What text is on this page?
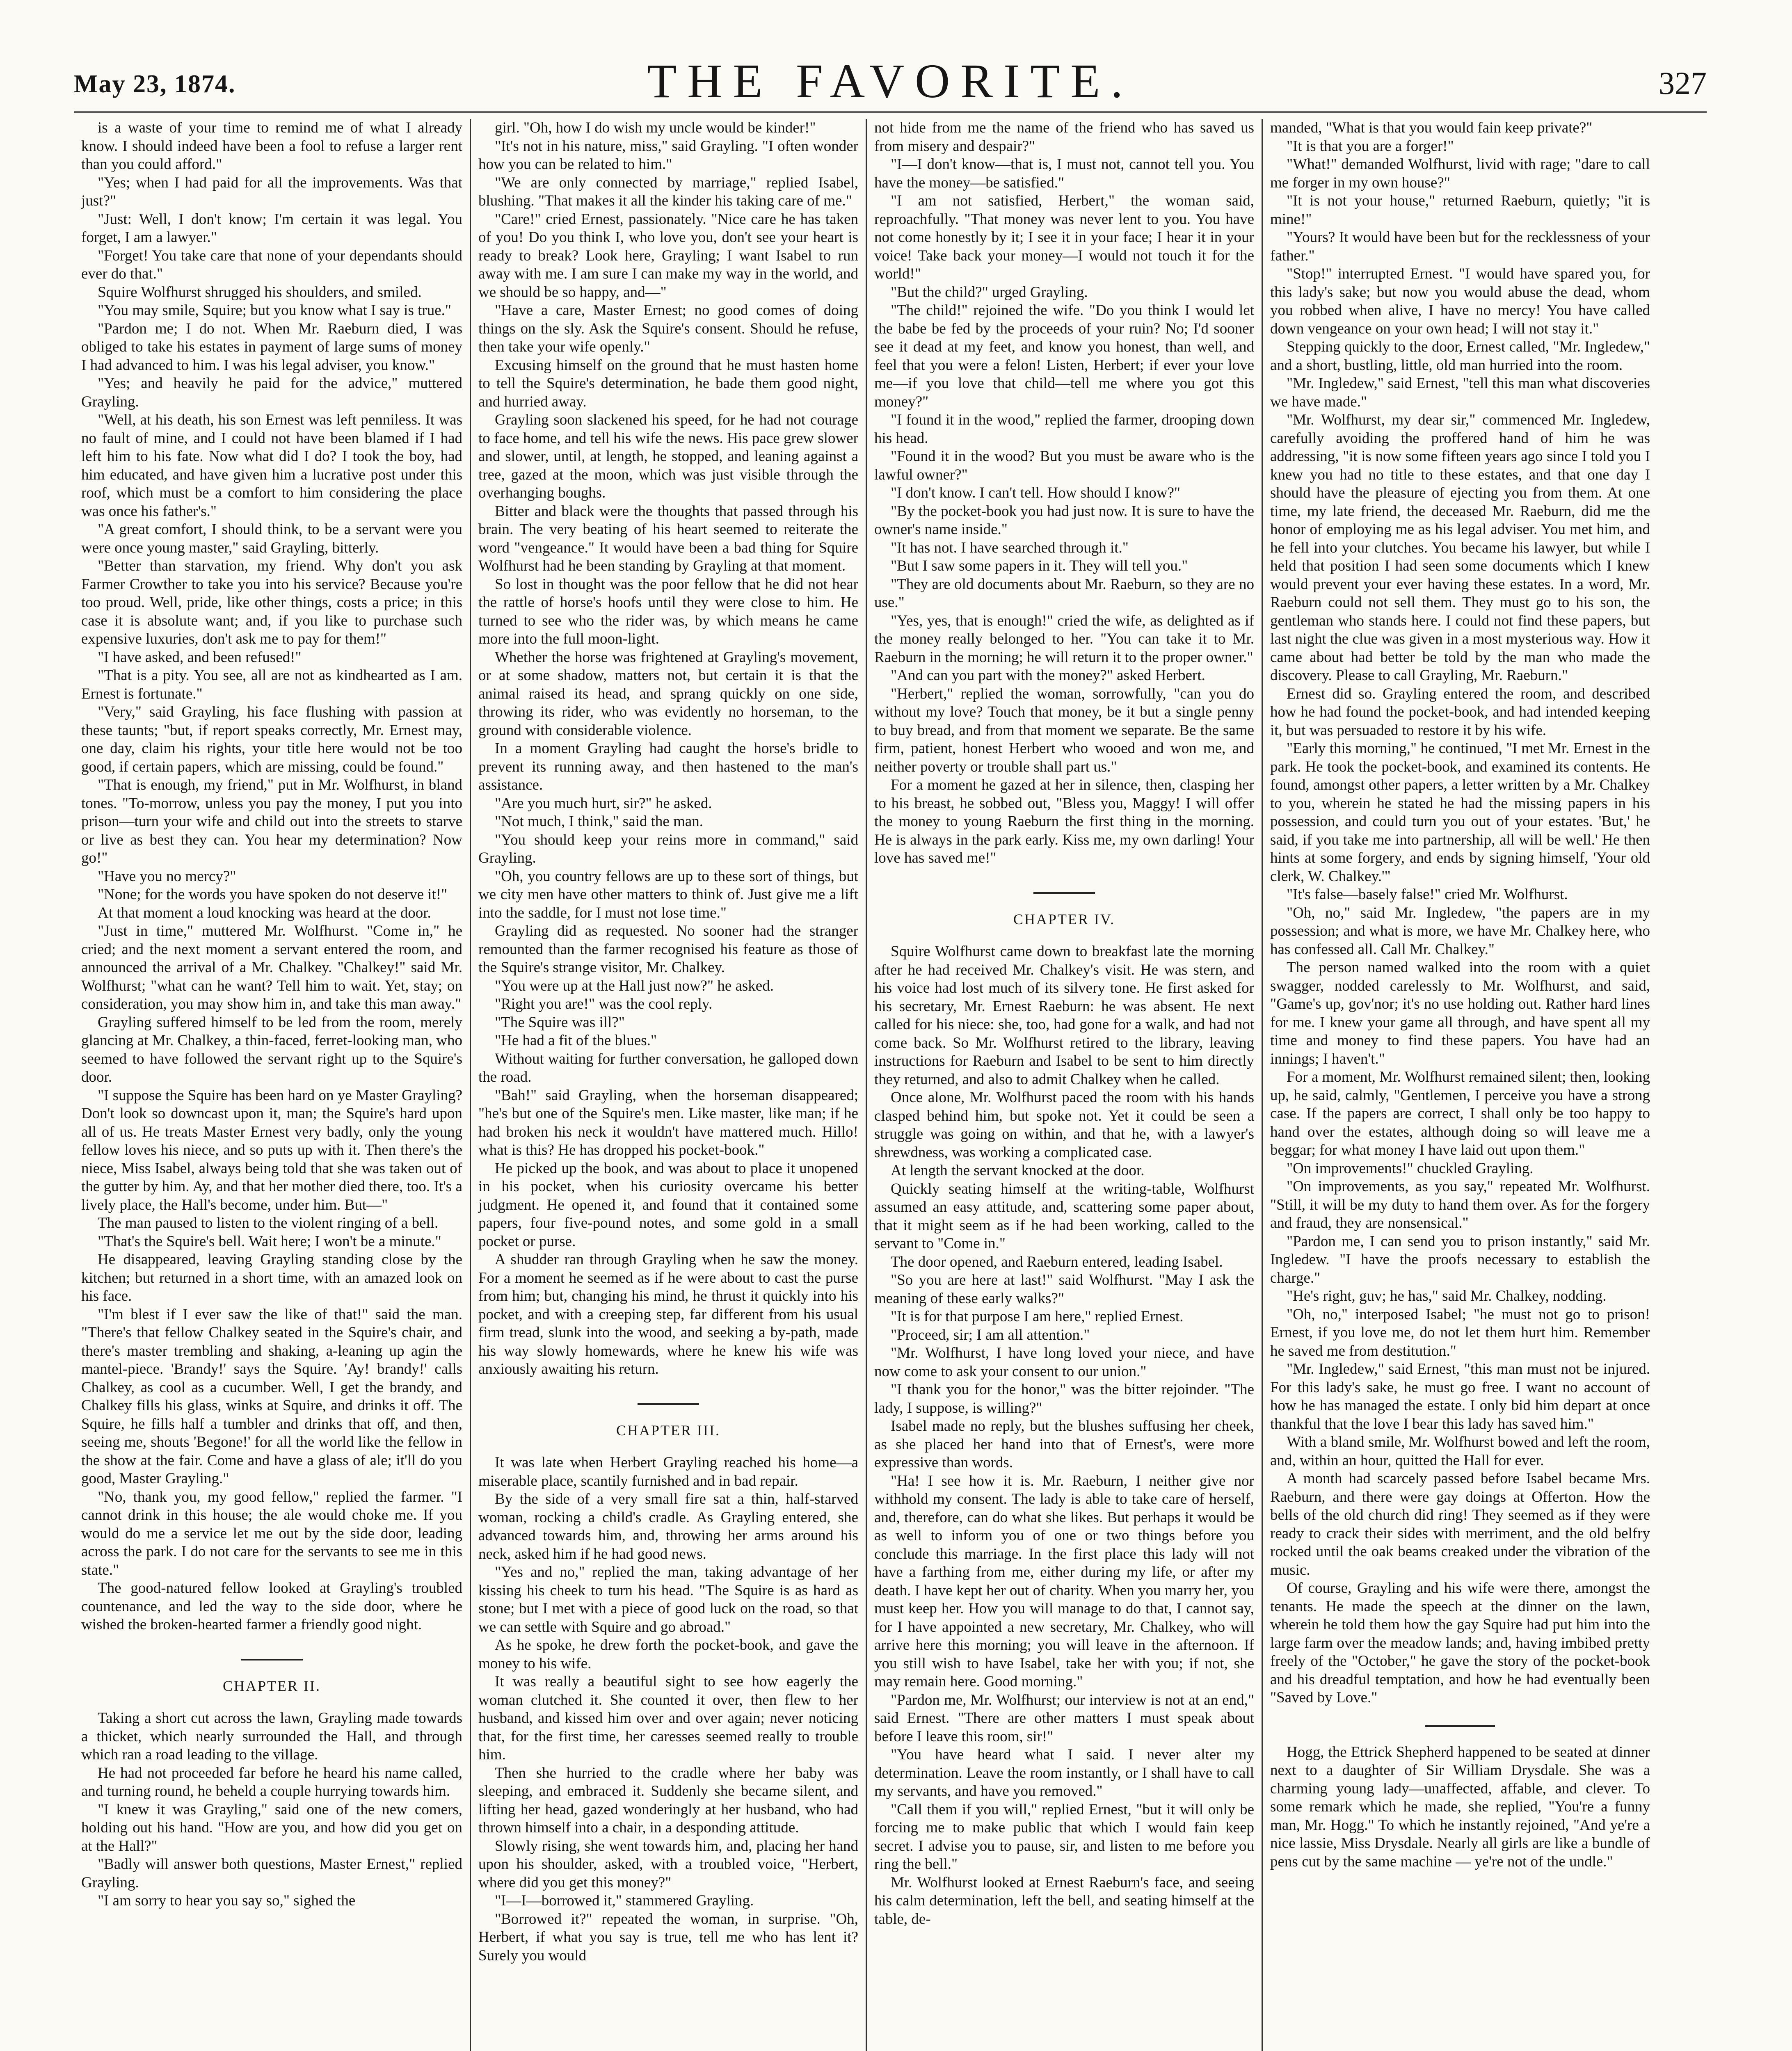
May 23, 1874.	THE FAVORITE.	327

is a waste of your time to remind me of what I already know. I should indeed have been a fool to refuse a larger rent than you could afford."

"Yes; when I had paid for all the improvements. Was that just?"

"Just: Well, I don't know; I'm certain it was legal. You forget, I am a lawyer."

"Forget! You take care that none of your dependants should ever do that."

Squire Wolfhurst shrugged his shoulders, and smiled.

"You may smile, Squire; but you know what I say is true."

"Pardon me; I do not. When Mr. Raeburn died, I was obliged to take his estates in payment of large sums of money I had advanced to him. I was his legal adviser, you know."

"Yes; and heavily he paid for the advice," muttered Grayling.

"Well, at his death, his son Ernest was left penniless. It was no fault of mine, and I could not have been blamed if I had left him to his fate. Now what did I do? I took the boy, had him educated, and have given him a lucrative post under this roof, which must be a comfort to him considering the place was once his father's."

"A great comfort, I should think, to be a servant were you were once young master," said Grayling, bitterly.

"Better than starvation, my friend. Why don't you ask Farmer Crowther to take you into his service? Because you're too proud. Well, pride, like other things, costs a price; in this case it is absolute want; and, if you like to purchase such expensive luxuries, don't ask me to pay for them!"

"I have asked, and been refused!"

"That is a pity. You see, all are not as kindhearted as I am. Ernest is fortunate."

"Very," said Grayling, his face flushing with passion at these taunts; "but, if report speaks correctly, Mr. Ernest may, one day, claim his rights, your title here would not be too good, if certain papers, which are missing, could be found."

"That is enough, my friend," put in Mr. Wolfhurst, in bland tones. "To-morrow, unless you pay the money, I put you into prison—turn your wife and child out into the streets to starve or live as best they can. You hear my determination? Now go!"

"Have you no mercy?"

"None; for the words you have spoken do not deserve it!"

At that moment a loud knocking was heard at the door.

"Just in time," muttered Mr. Wolfhurst. "Come in," he cried; and the next moment a servant entered the room, and announced the arrival of a Mr. Chalkey. "Chalkey!" said Mr. Wolfhurst; "what can he want? Tell him to wait. Yet, stay; on consideration, you may show him in, and take this man away."

Grayling suffered himself to be led from the room, merely glancing at Mr. Chalkey, a thin-faced, ferret-looking man, who seemed to have followed the servant right up to the Squire's door.

"I suppose the Squire has been hard on ye Master Grayling? Don't look so downcast upon it, man; the Squire's hard upon all of us. He treats Master Ernest very badly, only the young fellow loves his niece, and so puts up with it. Then there's the niece, Miss Isabel, always being told that she was taken out of the gutter by him. Ay, and that her mother died there, too. It's a lively place, the Hall's become, under him. But—"

The man paused to listen to the violent ringing of a bell.

"That's the Squire's bell. Wait here; I won't be a minute."

He disappeared, leaving Grayling standing close by the kitchen; but returned in a short time, with an amazed look on his face.

"I'm blest if I ever saw the like of that!" said the man. "There's that fellow Chalkey seated in the Squire's chair, and there's master trembling and shaking, a-leaning up agin the mantel-piece. 'Brandy!' says the Squire. 'Ay! brandy!' calls Chalkey, as cool as a cucumber. Well, I get the brandy, and Chalkey fills his glass, winks at Squire, and drinks it off. The Squire, he fills half a tumbler and drinks that off, and then, seeing me, shouts 'Begone!' for all the world like the fellow in the show at the fair. Come and have a glass of ale; it'll do you good, Master Grayling."

"No, thank you, my good fellow," replied the farmer. "I cannot drink in this house; the ale would choke me. If you would do me a service let me out by the side door, leading across the park. I do not care for the servants to see me in this state."

The good-natured fellow looked at Grayling's troubled countenance, and led the way to the side door, where he wished the broken-hearted farmer a friendly good night.

CHAPTER II.

Taking a short cut across the lawn, Grayling made towards a thicket, which nearly surrounded the Hall, and through which ran a road leading to the village.

He had not proceeded far before he heard his name called, and turning round, he beheld a couple hurrying towards him.

"I knew it was Grayling," said one of the new comers, holding out his hand. "How are you, and how did you get on at the Hall?"

"Badly will answer both questions, Master Ernest," replied Grayling.

"I am sorry to hear you say so," sighed the

girl. "Oh, how I do wish my uncle would be kinder!"

"It's not in his nature, miss," said Grayling. "I often wonder how you can be related to him."

"We are only connected by marriage," replied Isabel, blushing. "That makes it all the kinder his taking care of me."

"Care!" cried Ernest, passionately. "Nice care he has taken of you! Do you think I, who love you, don't see your heart is ready to break? Look here, Grayling; I want Isabel to run away with me. I am sure I can make my way in the world, and we should be so happy, and—"

"Have a care, Master Ernest; no good comes of doing things on the sly. Ask the Squire's consent. Should he refuse, then take your wife openly."

Excusing himself on the ground that he must hasten home to tell the Squire's determination, he bade them good night, and hurried away.

Grayling soon slackened his speed, for he had not courage to face home, and tell his wife the news. His pace grew slower and slower, until, at length, he stopped, and leaning against a tree, gazed at the moon, which was just visible through the overhanging boughs.

Bitter and black were the thoughts that passed through his brain. The very beating of his heart seemed to reiterate the word "vengeance." It would have been a bad thing for Squire Wolfhurst had he been standing by Grayling at that moment.

So lost in thought was the poor fellow that he did not hear the rattle of horse's hoofs until they were close to him. He turned to see who the rider was, by which means he came more into the full moon-light.

Whether the horse was frightened at Grayling's movement, or at some shadow, matters not, but certain it is that the animal raised its head, and sprang quickly on one side, throwing its rider, who was evidently no horseman, to the ground with considerable violence.

In a moment Grayling had caught the horse's bridle to prevent its running away, and then hastened to the man's assistance.

"Are you much hurt, sir?" he asked.

"Not much, I think," said the man.

"You should keep your reins more in command," said Grayling.

"Oh, you country fellows are up to these sort of things, but we city men have other matters to think of. Just give me a lift into the saddle, for I must not lose time."

Grayling did as requested. No sooner had the stranger remounted than the farmer recognised his feature as those of the Squire's strange visitor, Mr. Chalkey.

"You were up at the Hall just now?" he asked.

"Right you are!" was the cool reply.

"The Squire was ill?"

"He had a fit of the blues."

Without waiting for further conversation, he galloped down the road.

"Bah!" said Grayling, when the horseman disappeared; "he's but one of the Squire's men. Like master, like man; if he had broken his neck it wouldn't have mattered much. Hillo! what is this? He has dropped his pocket-book."

He picked up the book, and was about to place it unopened in his pocket, when his curiosity overcame his better judgment. He opened it, and found that it contained some papers, four five-pound notes, and some gold in a small pocket or purse.

A shudder ran through Grayling when he saw the money. For a moment he seemed as if he were about to cast the purse from him; but, changing his mind, he thrust it quickly into his pocket, and with a creeping step, far different from his usual firm tread, slunk into the wood, and seeking a by-path, made his way slowly homewards, where he knew his wife was anxiously awaiting his return.

CHAPTER III.

It was late when Herbert Grayling reached his home—a miserable place, scantily furnished and in bad repair.

By the side of a very small fire sat a thin, half-starved woman, rocking a child's cradle. As Grayling entered, she advanced towards him, and, throwing her arms around his neck, asked him if he had good news.

"Yes and no," replied the man, taking advantage of her kissing his cheek to turn his head. "The Squire is as hard as stone; but I met with a piece of good luck on the road, so that we can settle with Squire and go abroad."

As he spoke, he drew forth the pocket-book, and gave the money to his wife.

It was really a beautiful sight to see how eagerly the woman clutched it. She counted it over, then flew to her husband, and kissed him over and over again; never noticing that, for the first time, her caresses seemed really to trouble him.

Then she hurried to the cradle where her baby was sleeping, and embraced it. Suddenly she became silent, and lifting her head, gazed wonderingly at her husband, who had thrown himself into a chair, in a desponding attitude.

Slowly rising, she went towards him, and, placing her hand upon his shoulder, asked, with a troubled voice, "Herbert, where did you get this money?"

"I—I—borrowed it," stammered Grayling.

"Borrowed it?" repeated the woman, in surprise. "Oh, Herbert, if what you say is true, tell me who has lent it? Surely you would

not hide from me the name of the friend who has saved us from misery and despair?"

"I—I don't know—that is, I must not, cannot tell you. You have the money—be satisfied."

"I am not satisfied, Herbert," the woman said, reproachfully. "That money was never lent to you. You have not come honestly by it; I see it in your face; I hear it in your voice! Take back your money—I would not touch it for the world!"

"But the child?" urged Grayling.

"The child!" rejoined the wife. "Do you think I would let the babe be fed by the proceeds of your ruin? No; I'd sooner see it dead at my feet, and know you honest, than well, and feel that you were a felon! Listen, Herbert; if ever your love me—if you love that child—tell me where you got this money?"

"I found it in the wood," replied the farmer, drooping down his head.

"Found it in the wood? But you must be aware who is the lawful owner?"

"I don't know. I can't tell. How should I know?"

"By the pocket-book you had just now. It is sure to have the owner's name inside."

"It has not. I have searched through it."

"But I saw some papers in it. They will tell you."

"They are old documents about Mr. Raeburn, so they are no use."

"Yes, yes, that is enough!" cried the wife, as delighted as if the money really belonged to her. "You can take it to Mr. Raeburn in the morning; he will return it to the proper owner."

"And can you part with the money?" asked Herbert.

"Herbert," replied the woman, sorrowfully, "can you do without my love? Touch that money, be it but a single penny to buy bread, and from that moment we separate. Be the same firm, patient, honest Herbert who wooed and won me, and neither poverty or trouble shall part us."

For a moment he gazed at her in silence, then, clasping her to his breast, he sobbed out, "Bless you, Maggy! I will offer the money to young Raeburn the first thing in the morning. He is always in the park early. Kiss me, my own darling! Your love has saved me!"

CHAPTER IV.

Squire Wolfhurst came down to breakfast late the morning after he had received Mr. Chalkey's visit. He was stern, and his voice had lost much of its silvery tone. He first asked for his secretary, Mr. Ernest Raeburn: he was absent. He next called for his niece: she, too, had gone for a walk, and had not come back. So Mr. Wolfhurst retired to the library, leaving instructions for Raeburn and Isabel to be sent to him directly they returned, and also to admit Chalkey when he called.

Once alone, Mr. Wolfhurst paced the room with his hands clasped behind him, but spoke not. Yet it could be seen a struggle was going on within, and that he, with a lawyer's shrewdness, was working a complicated case.

At length the servant knocked at the door.

Quickly seating himself at the writing-table, Wolfhurst assumed an easy attitude, and, scattering some paper about, that it might seem as if he had been working, called to the servant to "Come in."

The door opened, and Raeburn entered, leading Isabel.

"So you are here at last!" said Wolfhurst. "May I ask the meaning of these early walks?"

"It is for that purpose I am here," replied Ernest.

"Proceed, sir; I am all attention."

"Mr. Wolfhurst, I have long loved your niece, and have now come to ask your consent to our union."

"I thank you for the honor," was the bitter rejoinder. "The lady, I suppose, is willing?"

Isabel made no reply, but the blushes suffusing her cheek, as she placed her hand into that of Ernest's, were more expressive than words.

"Ha! I see how it is. Mr. Raeburn, I neither give nor withhold my consent. The lady is able to take care of herself, and, therefore, can do what she likes. But perhaps it would be as well to inform you of one or two things before you conclude this marriage. In the first place this lady will not have a farthing from me, either during my life, or after my death. I have kept her out of charity. When you marry her, you must keep her. How you will manage to do that, I cannot say, for I have appointed a new secretary, Mr. Chalkey, who will arrive here this morning; you will leave in the afternoon. If you still wish to have Isabel, take her with you; if not, she may remain here. Good morning."

"Pardon me, Mr. Wolfhurst; our interview is not at an end," said Ernest. "There are other matters I must speak about before I leave this room, sir!"

"You have heard what I said. I never alter my determination. Leave the room instantly, or I shall have to call my servants, and have you removed."

"Call them if you will," replied Ernest, "but it will only be forcing me to make public that which I would fain keep secret. I advise you to pause, sir, and listen to me before you ring the bell."

Mr. Wolfhurst looked at Ernest Raeburn's face, and seeing his calm determination, left the bell, and seating himself at the table, de-

manded, "What is that you would fain keep private?"

"It is that you are a forger!"

"What!" demanded Wolfhurst, livid with rage; "dare to call me forger in my own house?"

"It is not your house," returned Raeburn, quietly; "it is mine!"

"Yours? It would have been but for the recklessness of your father."

"Stop!" interrupted Ernest. "I would have spared you, for this lady's sake; but now you would abuse the dead, whom you robbed when alive, I have no mercy! You have called down vengeance on your own head; I will not stay it."

Stepping quickly to the door, Ernest called, "Mr. Ingledew," and a short, bustling, little, old man hurried into the room.

"Mr. Ingledew," said Ernest, "tell this man what discoveries we have made."

"Mr. Wolfhurst, my dear sir," commenced Mr. Ingledew, carefully avoiding the proffered hand of him he was addressing, "it is now some fifteen years ago since I told you I knew you had no title to these estates, and that one day I should have the pleasure of ejecting you from them. At one time, my late friend, the deceased Mr. Raeburn, did me the honor of employing me as his legal adviser. You met him, and he fell into your clutches. You became his lawyer, but while I held that position I had seen some documents which I knew would prevent your ever having these estates. In a word, Mr. Raeburn could not sell them. They must go to his son, the gentleman who stands here. I could not find these papers, but last night the clue was given in a most mysterious way. How it came about had better be told by the man who made the discovery. Please to call Grayling, Mr. Raeburn."

Ernest did so. Grayling entered the room, and described how he had found the pocket-book, and had intended keeping it, but was persuaded to restore it by his wife.

"Early this morning," he continued, "I met Mr. Ernest in the park. He took the pocket-book, and examined its contents. He found, amongst other papers, a letter written by a Mr. Chalkey to you, wherein he stated he had the missing papers in his possession, and could turn you out of your estates. 'But,' he said, if you take me into partnership, all will be well.' He then hints at some forgery, and ends by signing himself, 'Your old clerk, W. Chalkey.'"

"It's false—basely false!" cried Mr. Wolfhurst.

"Oh, no," said Mr. Ingledew, "the papers are in my possession; and what is more, we have Mr. Chalkey here, who has confessed all. Call Mr. Chalkey."

The person named walked into the room with a quiet swagger, nodded carelessly to Mr. Wolfhurst, and said, "Game's up, gov'nor; it's no use holding out. Rather hard lines for me. I knew your game all through, and have spent all my time and money to find these papers. You have had an innings; I haven't."

For a moment, Mr. Wolfhurst remained silent; then, looking up, he said, calmly, "Gentlemen, I perceive you have a strong case. If the papers are correct, I shall only be too happy to hand over the estates, although doing so will leave me a beggar; for what money I have laid out upon them."

"On improvements!" chuckled Grayling.

"On improvements, as you say," repeated Mr. Wolfhurst. "Still, it will be my duty to hand them over. As for the forgery and fraud, they are nonsensical."

"Pardon me, I can send you to prison instantly," said Mr. Ingledew. "I have the proofs necessary to establish the charge."

"He's right, guv; he has," said Mr. Chalkey, nodding.

"Oh, no," interposed Isabel; "he must not go to prison! Ernest, if you love me, do not let them hurt him. Remember he saved me from destitution."

"Mr. Ingledew," said Ernest, "this man must not be injured. For this lady's sake, he must go free. I want no account of how he has managed the estate. I only bid him depart at once thankful that the love I bear this lady has saved him."

With a bland smile, Mr. Wolfhurst bowed and left the room, and, within an hour, quitted the Hall for ever.

A month had scarcely passed before Isabel became Mrs. Raeburn, and there were gay doings at Offerton. How the bells of the old church did ring! They seemed as if they were ready to crack their sides with merriment, and the old belfry rocked until the oak beams creaked under the vibration of the music.

Of course, Grayling and his wife were there, amongst the tenants. He made the speech at the dinner on the lawn, wherein he told them how the gay Squire had put him into the large farm over the meadow lands; and, having imbibed pretty freely of the "October," he gave the story of the pocket-book and his dreadful temptation, and how he had eventually been "Saved by Love."

Hogg, the Ettrick Shepherd happened to be seated at dinner next to a daughter of Sir William Drysdale. She was a charming young lady—unaffected, affable, and clever. To some remark which he made, she replied, "You're a funny man, Mr. Hogg." To which he instantly rejoined, "And ye're a nice lassie, Miss Drysdale. Nearly all girls are like a bundle of pens cut by the same machine — ye're not of the undle."
